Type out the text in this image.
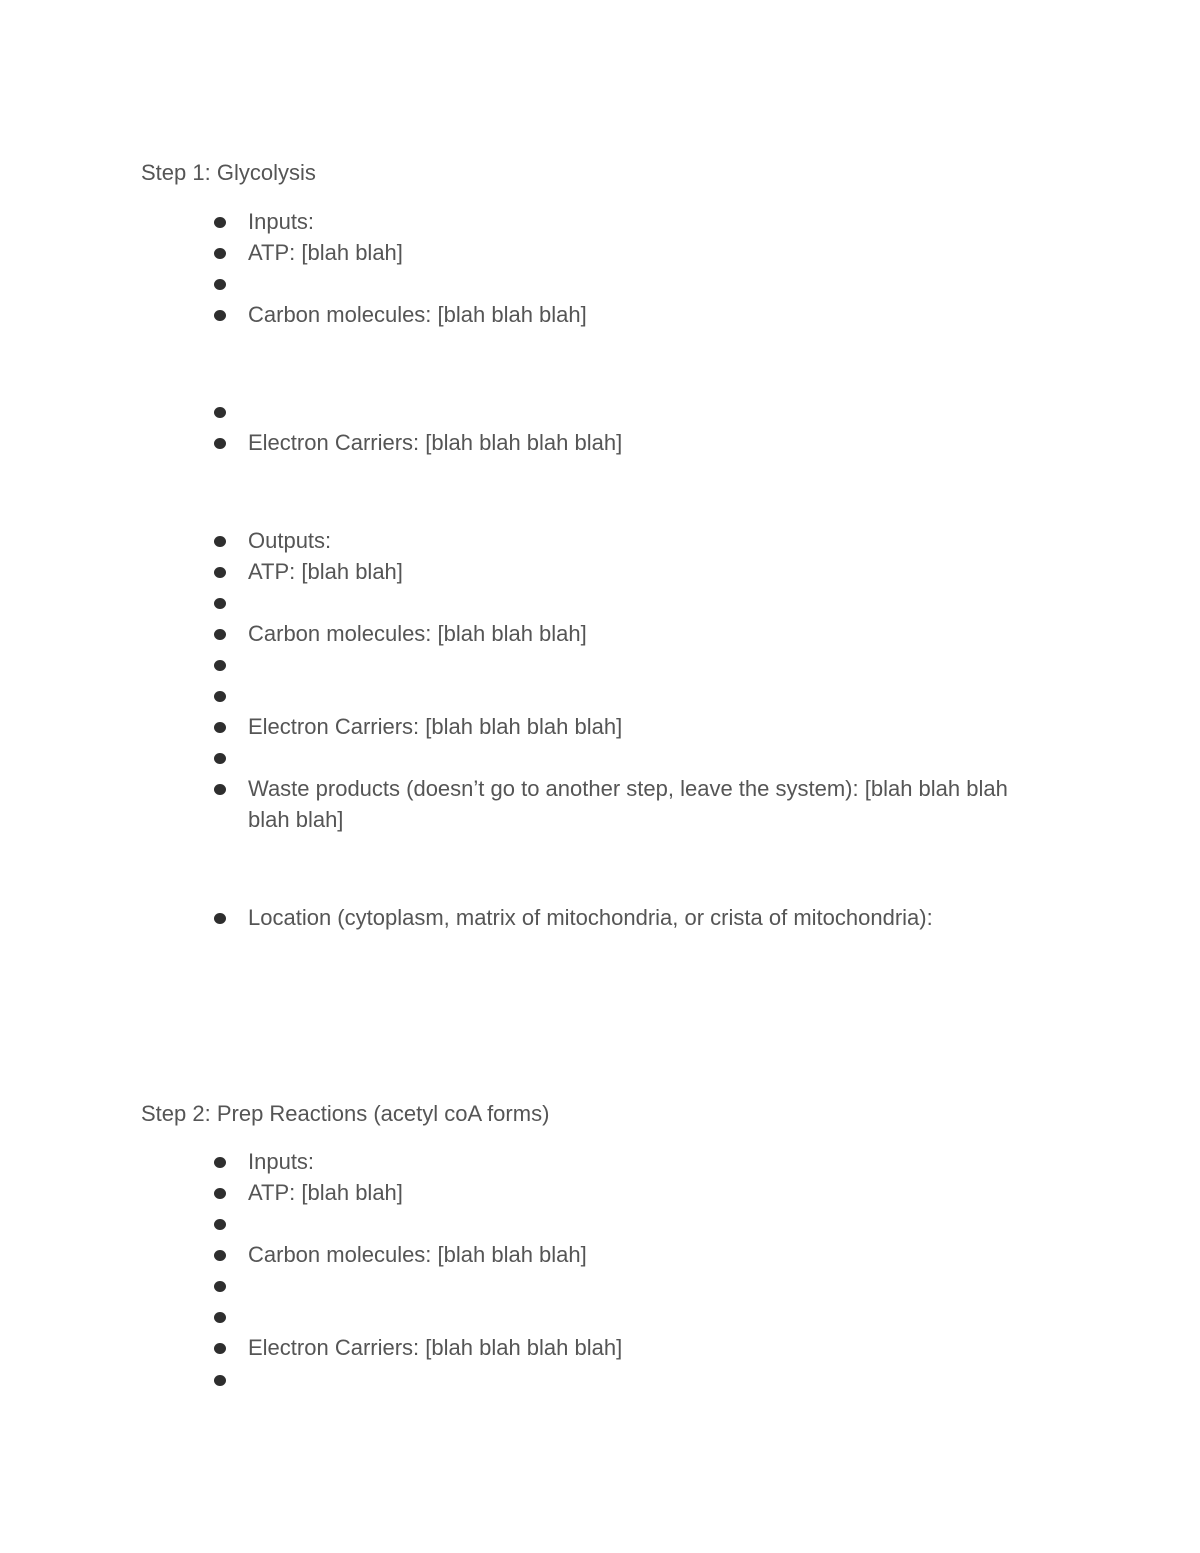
Step 1: Glycolysis
Inputs:
ATP: [blah blah]
Carbon molecules: [blah blah blah]
Electron Carriers: [blah blah blah blah]
Outputs:
ATP: [blah blah]
Carbon molecules: [blah blah blah]
Electron Carriers: [blah blah blah blah]
Waste products (doesn’t go to another step, leave the system): [blah blah blah blah blah]
Location (cytoplasm, matrix of mitochondria, or crista of mitochondria):
Step 2: Prep Reactions (acetyl coA forms)
Inputs:
ATP: [blah blah]
Carbon molecules: [blah blah blah]
Electron Carriers: [blah blah blah blah]
